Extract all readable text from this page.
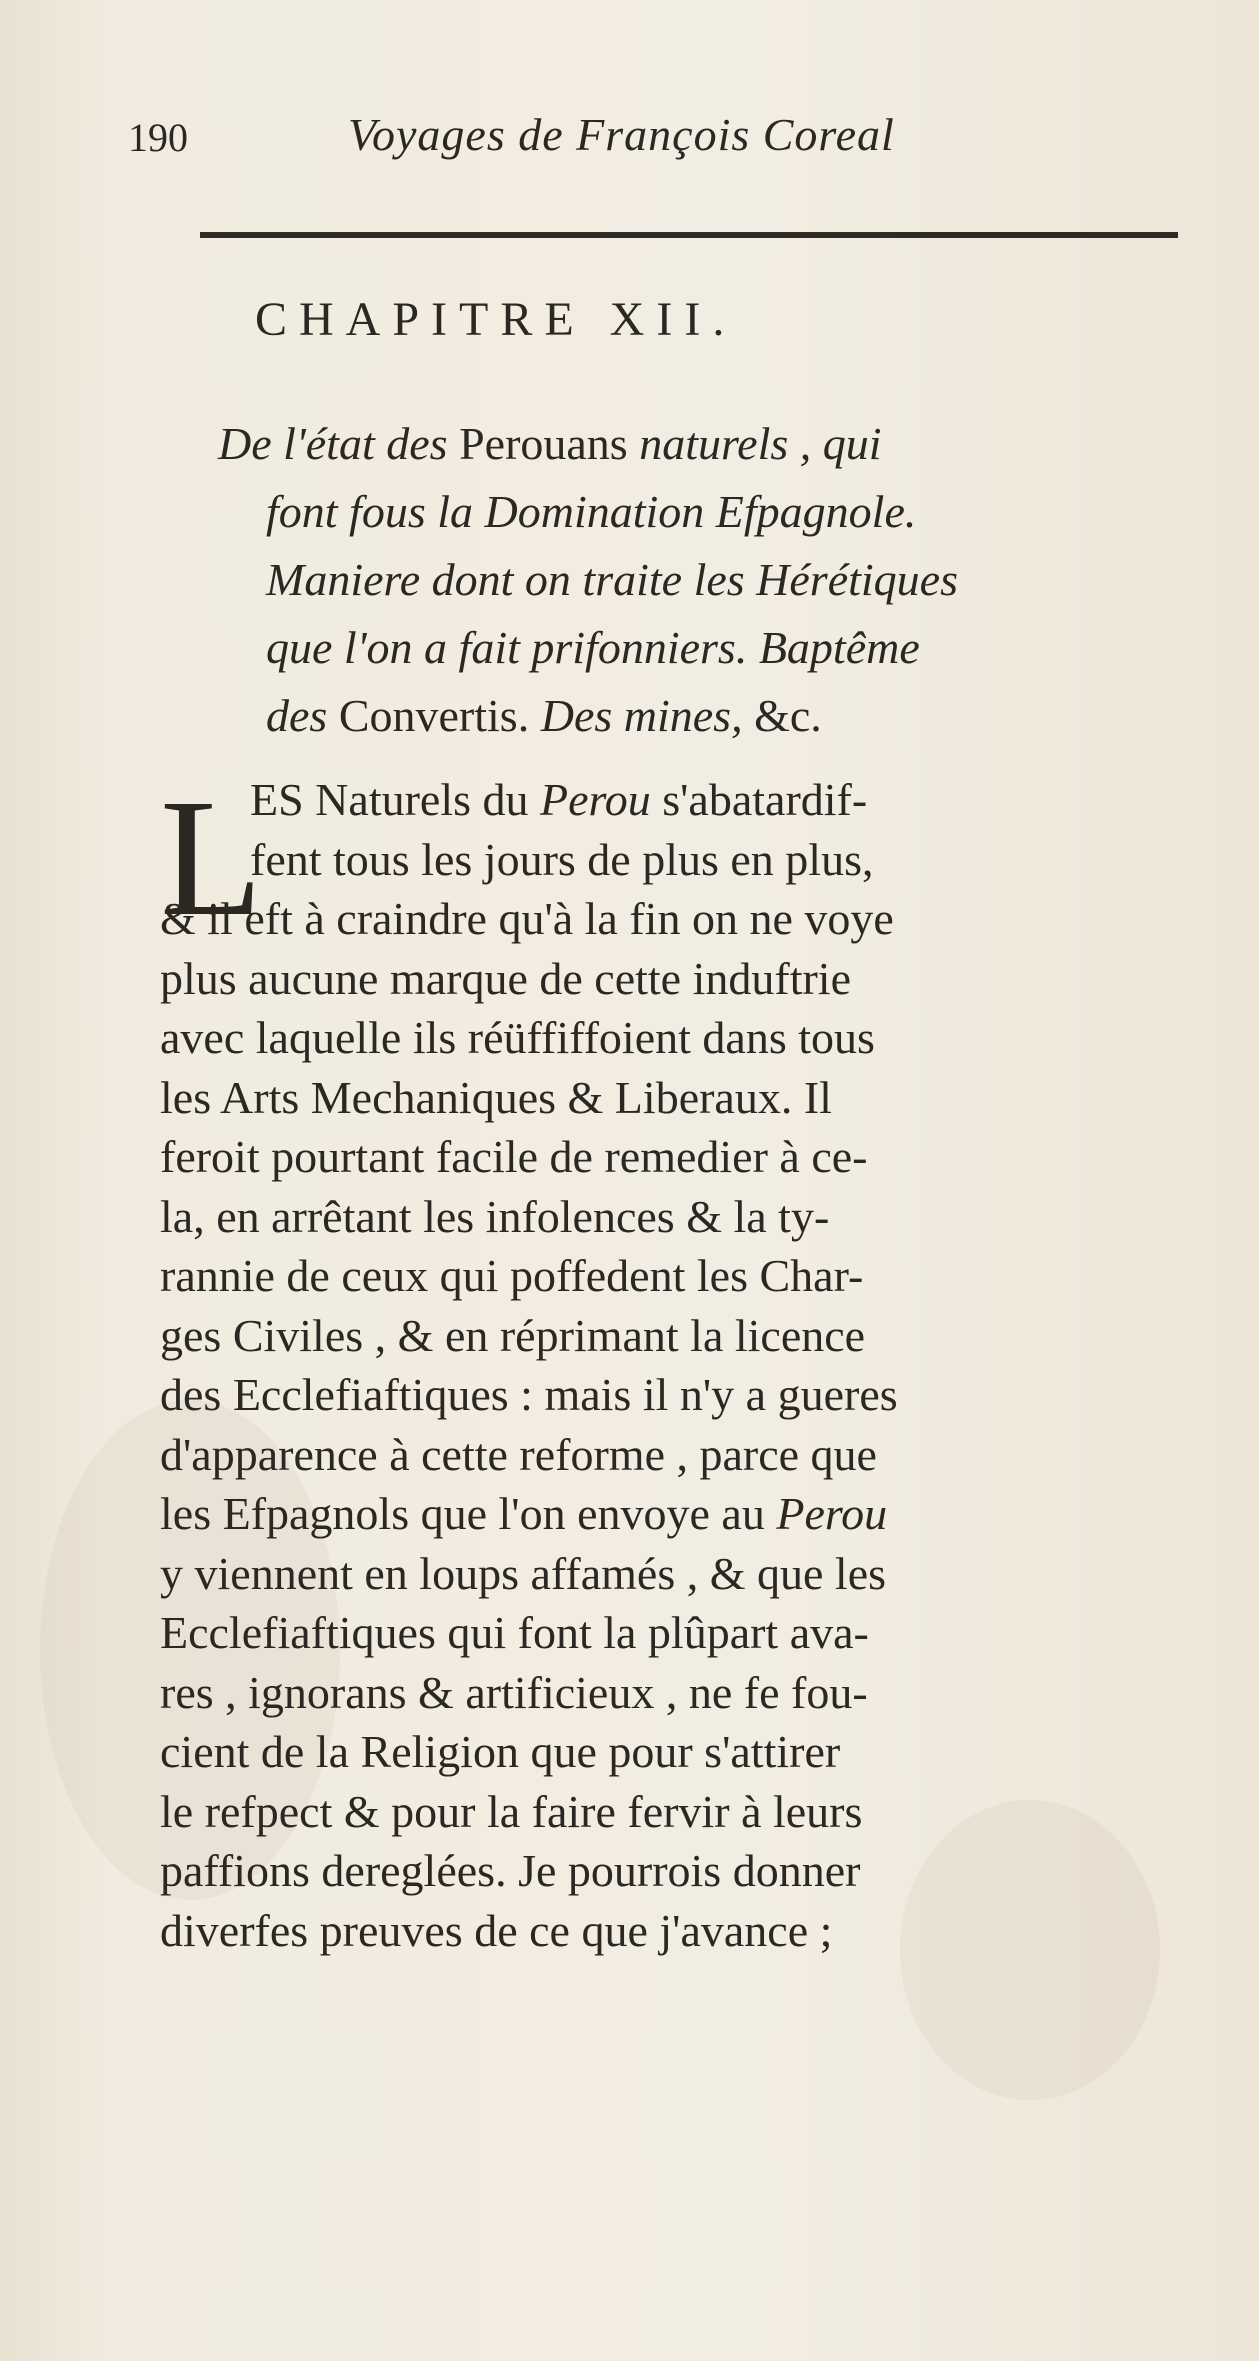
190	Voyages de François Coreal
CHAPITRE XII.
De l'état des Perouans naturels , qui
font fous la Domination Efpagnole.
Maniere dont on traite les Hérétiques
que l'on a fait prifonniers. Baptême
des Convertis. Des mines, &c.
L
ES Naturels du Perou s'abatardif-
fent tous les jours de plus en plus,
& il eft à craindre qu'à la fin on ne voye
plus aucune marque de cette induftrie
avec laquelle ils réüffiffoient dans tous
les Arts Mechaniques & Liberaux. Il
feroit pourtant facile de remedier à ce-
la, en arrêtant les infolences & la ty-
rannie de ceux qui poffedent les Char-
ges Civiles , & en réprimant la licence
des Ecclefiaftiques : mais il n'y a gueres
d'apparence à cette reforme , parce que
les Efpagnols que l'on envoye au Perou
y viennent en loups affamés , & que les
Ecclefiaftiques qui font la plûpart ava-
res , ignorans & artificieux , ne fe fou-
cient de la Religion que pour s'attirer
le refpect & pour la faire fervir à leurs
paffions dereglées. Je pourrois donner
diverfes preuves de ce que j'avance ;
